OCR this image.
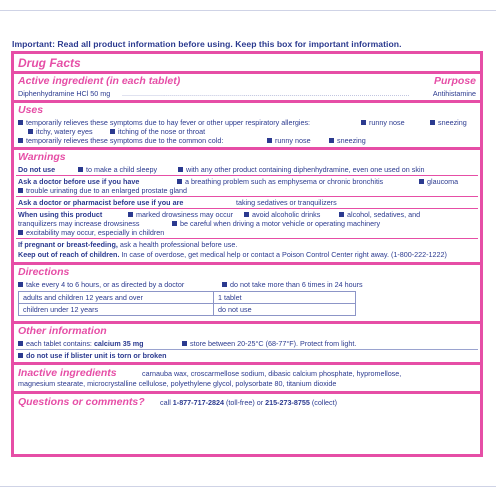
Important: Read all product information before using. Keep this box for important information.
Drug Facts
Active ingredient (in each tablet)	Purpose
Diphenhydramine HCl 50 mg ................................................................................................................................................	Antihistamine
Uses
temporarily relieves these symptoms due to hay fever or other upper respiratory allergies:	runny nose	sneezing
itchy, watery eyes	itching of the nose or throat
temporarily relieves these symptoms due to the common cold:	runny nose	sneezing
Warnings
Do not use	to make a child sleepy	with any other product containing diphenhydramine, even one used on skin
Ask a doctor before use if you have	a breathing problem such as emphysema or chronic bronchitis	glaucoma
trouble urinating due to an enlarged prostate gland
Ask a doctor or pharmacist before use if you are	taking sedatives or tranquilizers
When using this product	marked drowsiness may occur	avoid alcoholic drinks	alcohol, sedatives, and
tranquilizers may increase drowsiness	be careful when driving a motor vehicle or operating machinery
excitability may occur, especially in children
If pregnant or breast-feeding, ask a health professional before use.
Keep out of reach of children. In case of overdose, get medical help or contact a Poison Control Center right away. (1-800-222-1222)
Directions
take every 4 to 6 hours, or as directed by a doctor	do not take more than 6 times in 24 hours
adults and children 12 years and over	1 tablet
children under 12 years	do not use
Other information
each tablet contains: calcium 35 mg	store between 20-25°C (68-77°F). Protect from light.
do not use if blister unit is torn or broken
Inactive ingredients	carnauba wax, croscarmellose sodium, dibasic calcium phosphate, hypromellose,
magnesium stearate, microcrystalline cellulose, polyethylene glycol, polysorbate 80, titanium dioxide
Questions or comments? call 1-877-717-2824 (toll-free) or 215-273-8755 (collect)
